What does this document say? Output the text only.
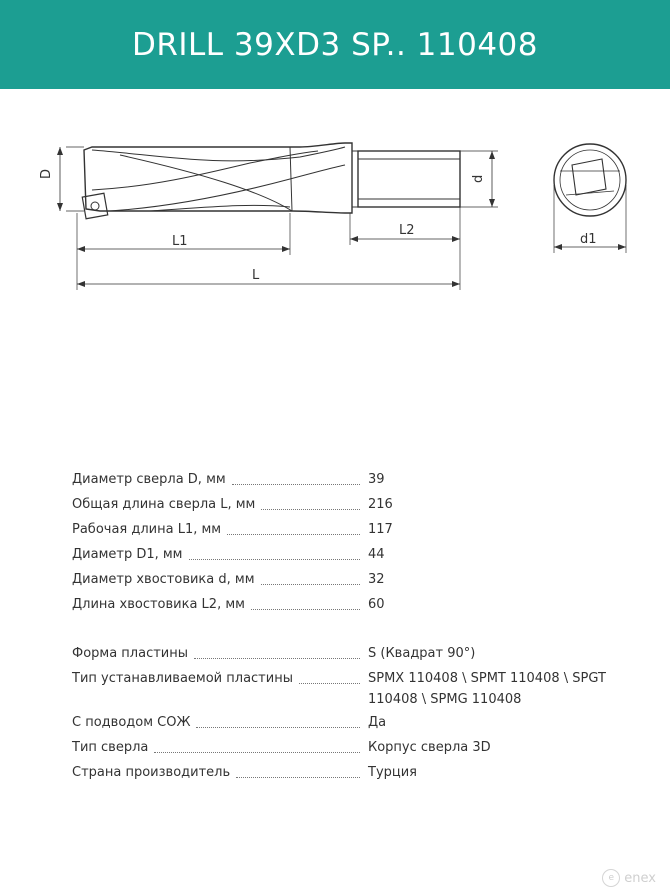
DRILL 39XD3 SP.. 110408
D	d
L1
L2
L
d1
Диаметр сверла D, мм	39
Общая длина сверла L, мм	216
Рабочая длина L1, мм	117
Диаметр D1, мм	44
Диаметр хвостовика d, мм	32
Длина хвостовика L2, мм	60
Форма пластины	S (Квадрат 90°)
Тип устанавливаемой пластины	SPMX 110408 \ SPMT 110408 \ SPGT 110408 \ SPMG 110408
С подводом СОЖ	Да
Тип сверла	Корпус сверла 3D
Страна производитель	Турция
e enex
